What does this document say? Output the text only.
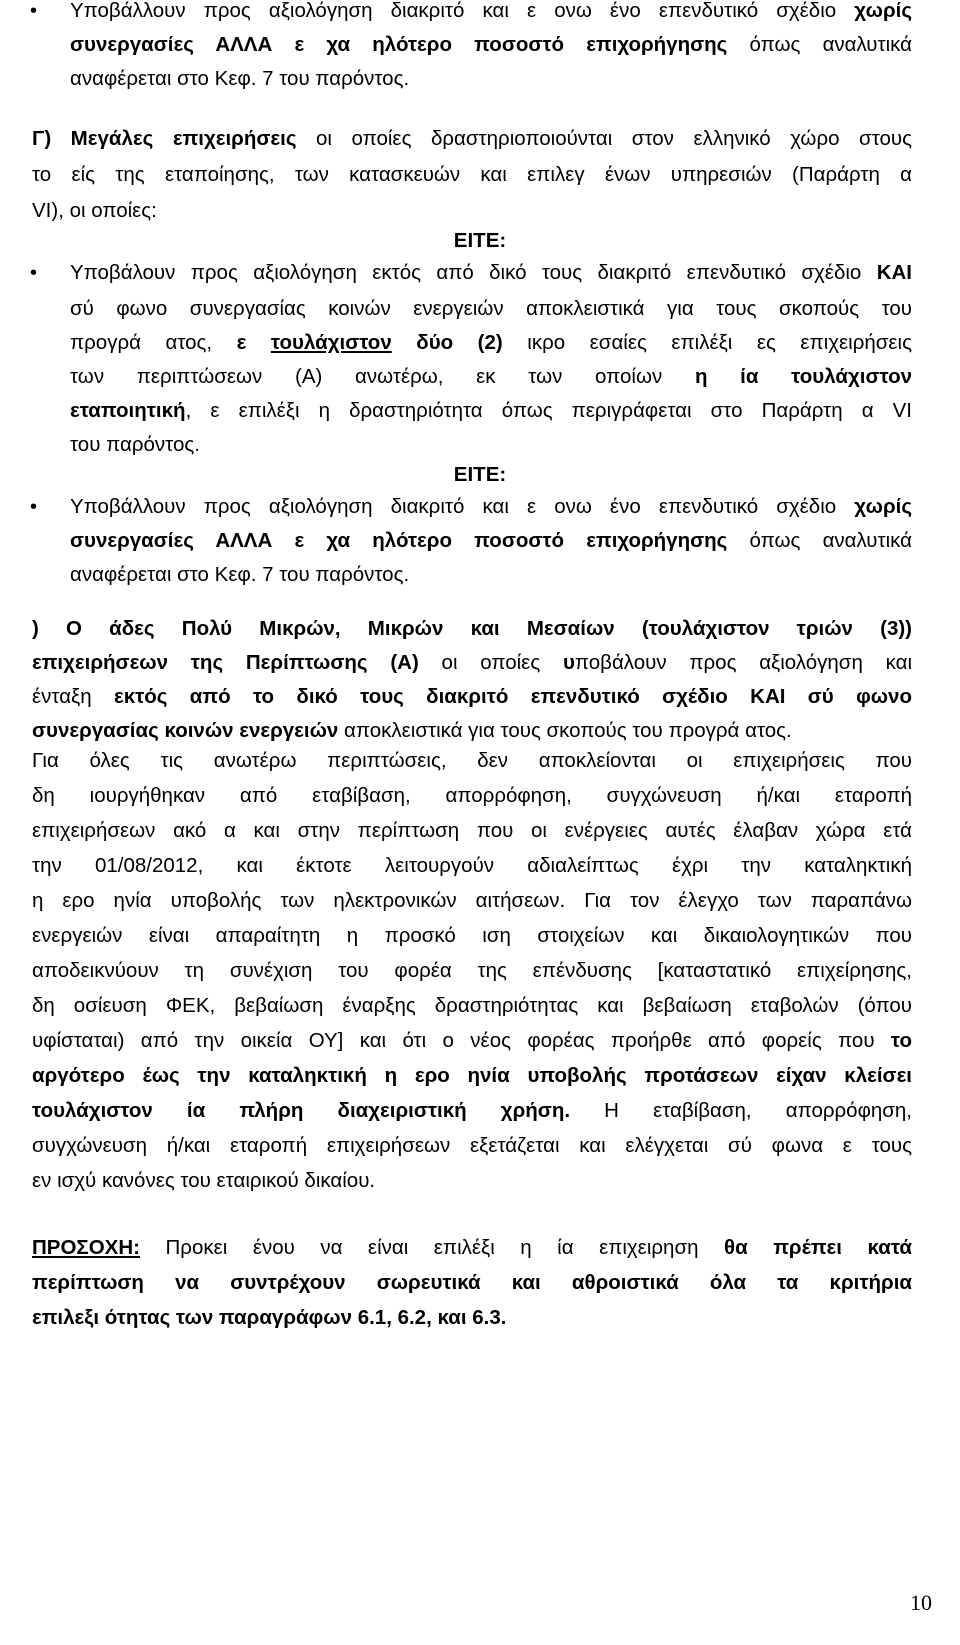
• Υποβάλλουν προς αξιολόγηση διακριτό και ε ονω ένο επενδυτικό σχέδιο χωρίς
συνεργασίες ΑΛΛΑ ε χα ηλότερο ποσοστό επιχορήγησης όπως αναλυτικά
αναφέρεται στο Κεφ. 7 του παρόντος.
Γ) Μεγάλες επιχειρήσεις οι οποίες δραστηριοποιούνται στον ελληνικό χώρο στους
το είς της εταποίησης, των κατασκευών και επιλεγ ένων υπηρεσιών (Παράρτη α
VI), οι οποίες:
ΕΙΤΕ:
• Υποβάλουν προς αξιολόγηση εκτός από δικό τους διακριτό επενδυτικό σχέδιο ΚΑΙ
σύ φωνο συνεργασίας κοινών ενεργειών αποκλειστικά για τους σκοπούς του
προγρά ατος, ε τουλάχιστον δύο (2) ικρο εσαίες επιλέξι ες επιχειρήσεις
των περιπτώσεων (Α) ανωτέρω, εκ των οποίων η ία τουλάχιστον
εταποιητική, ε επιλέξι η δραστηριότητα όπως περιγράφεται στο Παράρτη α VI
του παρόντος.
ΕΙΤΕ:
• Υποβάλλουν προς αξιολόγηση διακριτό και ε ονω ένο επενδυτικό σχέδιο χωρίς
συνεργασίες ΑΛΛΑ ε χα ηλότερο ποσοστό επιχορήγησης όπως αναλυτικά
αναφέρεται στο Κεφ. 7 του παρόντος.
) Ο άδες Πολύ Μικρών, Μικρών και Μεσαίων (τουλάχιστον τριών (3))
επιχειρήσεων της Περίπτωσης (Α) οι οποίες υποβάλουν προς αξιολόγηση και
ένταξη εκτός από το δικό τους διακριτό επενδυτικό σχέδιο ΚΑΙ σύ φωνο
συνεργασίας κοινών ενεργειών αποκλειστικά για τους σκοπούς του προγρά ατος.
Για όλες τις ανωτέρω περιπτώσεις, δεν αποκλείονται οι επιχειρήσεις που
δη ιουργήθηκαν από εταβίβαση, απορρόφηση, συγχώνευση ή/και εταροπή
επιχειρήσεων ακό α και στην περίπτωση που οι ενέργειες αυτές έλαβαν χώρα ετά
την 01/08/2012, και έκτοτε λειτουργούν αδιαλείπτως έχρι την καταληκτική
η ερο ηνία υποβολής των ηλεκτρονικών αιτήσεων. Για τον έλεγχο των παραπάνω
ενεργειών είναι απαραίτητη η προσκό ιση στοιχείων και δικαιολογητικών που
αποδεικνύουν τη συνέχιση του φορέα της επένδυσης [καταστατικό επιχείρησης,
δη οσίευση ΦΕΚ, βεβαίωση έναρξης δραστηριότητας και βεβαίωση εταβολών (όπου
υφίσταται) από την οικεία ΟΥ] και ότι ο νέος φορέας προήρθε από φορείς που το
αργότερο έως την καταληκτική η ερο ηνία υποβολής προτάσεων είχαν κλείσει
τουλάχιστον ία πλήρη διαχειριστική χρήση. Η εταβίβαση, απορρόφηση,
συγχώνευση ή/και εταροπή επιχειρήσεων εξετάζεται και ελέγχεται σύ φωνα ε τους
εν ισχύ κανόνες του εταιρικού δικαίου.
ΠΡΟΣΟΧΗ: Προκει ένου να είναι επιλέξι η ία επιχειρηση θα πρέπει κατά
περίπτωση να συντρέχουν σωρευτικά και αθροιστικά όλα τα κριτήρια
επιλεξι ότητας των παραγράφων 6.1, 6.2, και 6.3.
10
